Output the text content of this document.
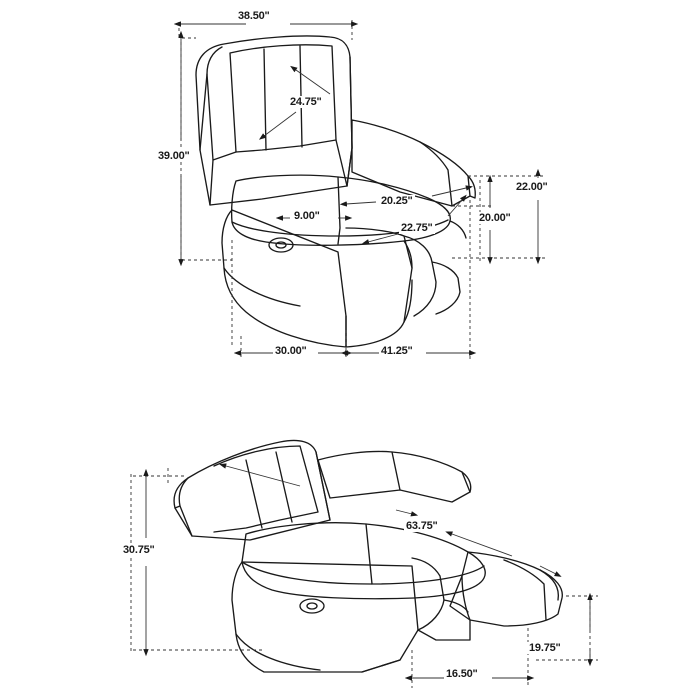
38.50"
24.75"
39.00"
20.25"
22.00"
9.00"	20.00"
22.75"
30.00"	41.25"
30.75"
63.75"
19.75"
16.50"
